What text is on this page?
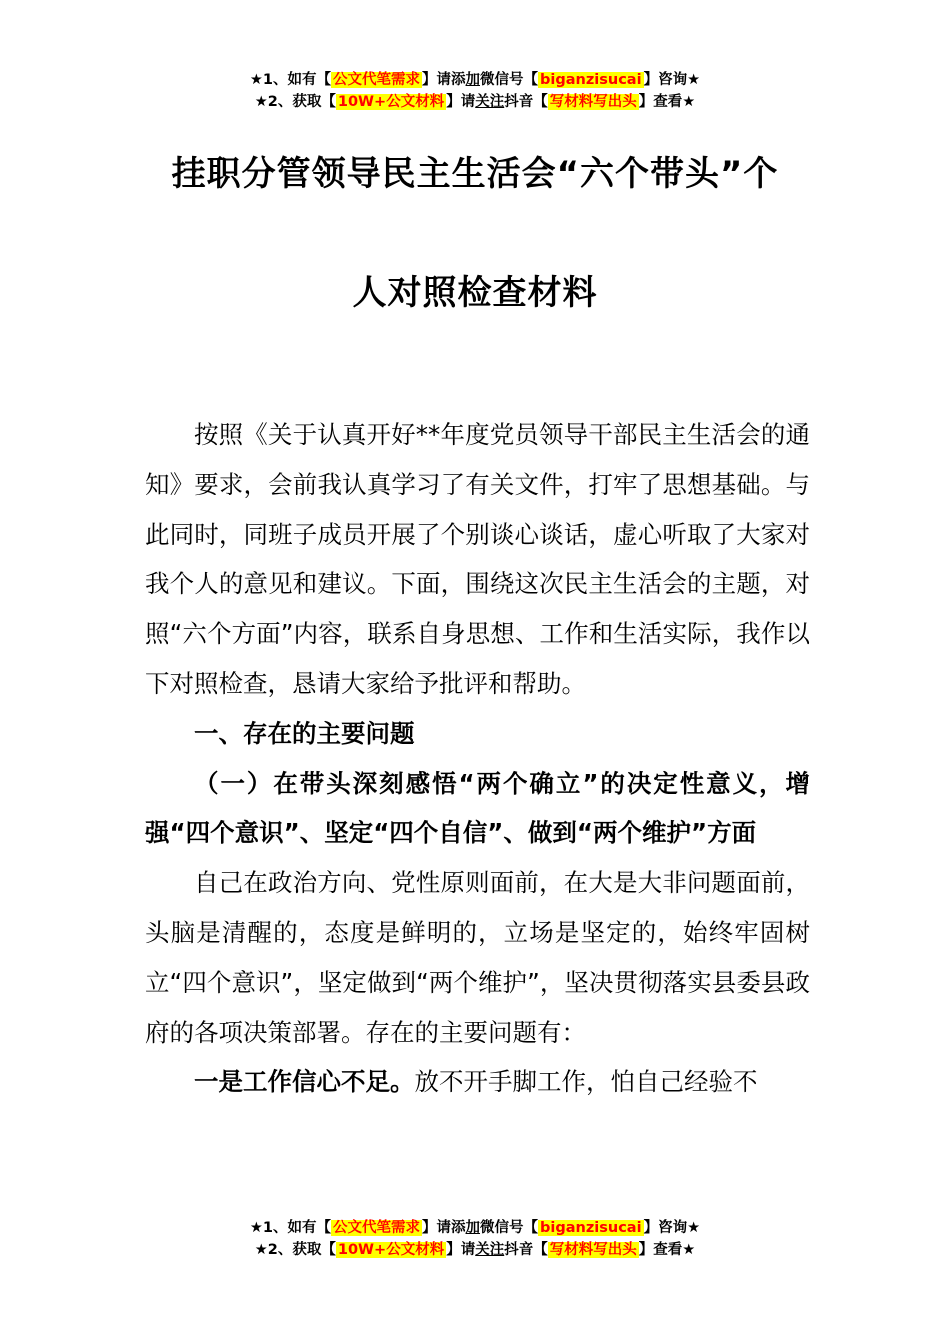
★1、如有【 公文代笔需求 】请添加微信号【 biganzisucai 】咨询★
★2、获取【 10W+公文材料 】请关注抖音【 写材料写出头 】查看★
挂职分管领导民主生活会“六个带头”个
人对照检查材料

按照《关于认真开好**年度党员领导干部民主生活会的通知》要求，会前我认真学习了有关文件，打牢了思想基础。与此同时，同班子成员开展了个别谈心谈话，虚心听取了大家对我个人的意见和建议。下面，围绕这次民主生活会的主题，对照“六个方面”内容，联系自身思想、工作和生活实际，我作以下对照检查，恳请大家给予批评和帮助。

一、存在的主要问题

（一）在带头深刻感悟“两个确立”的决定性意义，增强“四个意识”、坚定“四个自信”、做到“两个维护”方面

自己在政治方向、党性原则面前，在大是大非问题面前，头脑是清醒的，态度是鲜明的，立场是坚定的，始终牢固树立“四个意识”，坚定做到“两个维护”，坚决贯彻落实县委县政府的各项决策部署。存在的主要问题有：

一是工作信心不足。放不开手脚工作，怕自己经验不

★1、如有【 公文代笔需求 】请添加微信号【 biganzisucai 】咨询★
★2、获取【 10W+公文材料 】请关注抖音【 写材料写出头 】查看★
